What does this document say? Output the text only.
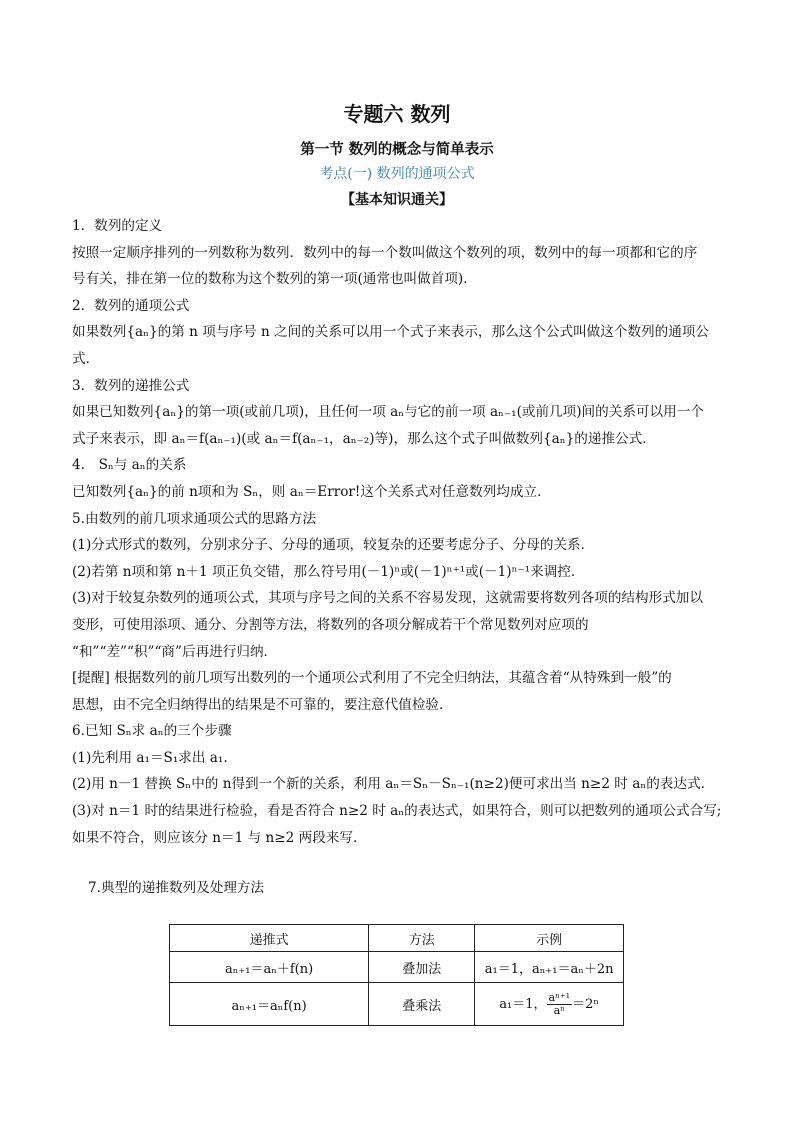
专题六 数列
第一节 数列的概念与简单表示
考点(一) 数列的通项公式
【基本知识通关】

1．数列的定义

按照一定顺序排列的一列数称为数列．数列中的每一个数叫做这个数列的项，数列中的每一项都和它的序

号有关，排在第一位的数称为这个数列的第一项(通常也叫做首项)．

2．数列的通项公式

如果数列{aₙ}的第 n 项与序号 n 之间的关系可以用一个式子来表示，那么这个公式叫做这个数列的通项公

式．

3．数列的递推公式

如果已知数列{aₙ}的第一项(或前几项)，且任何一项 aₙ与它的前一项 aₙ₋₁(或前几项)间的关系可以用一个

式子来表示，即 aₙ＝f(aₙ₋₁)(或 aₙ＝f(aₙ₋₁，aₙ₋₂)等)，那么这个式子叫做数列{aₙ}的递推公式．

4． Sₙ与 aₙ的关系

已知数列{aₙ}的前 n项和为 Sₙ，则 aₙ＝Error!这个关系式对任意数列均成立．

5.由数列的前几项求通项公式的思路方法

(1)分式形式的数列，分别求分子、分母的通项，较复杂的还要考虑分子、分母的关系．

(2)若第 n项和第 n＋1 项正负交错，那么符号用(－1)ⁿ或(－1)ⁿ⁺¹或(－1)ⁿ⁻¹来调控．

(3)对于较复杂数列的通项公式，其项与序号之间的关系不容易发现，这就需要将数列各项的结构形式加以

变形，可使用添项、通分、分割等方法，将数列的各项分解成若干个常见数列对应项的

“和”“差”“积”“商”后再进行归纳．

[提醒] 根据数列的前几项写出数列的一个通项公式利用了不完全归纳法，其蕴含着“从特殊到一般”的

思想，由不完全归纳得出的结果是不可靠的，要注意代值检验．

6.已知 Sₙ求 aₙ的三个步骤

(1)先利用 a₁＝S₁求出 a₁.

(2)用 n－1 替换 Sₙ中的 n得到一个新的关系，利用 aₙ＝Sₙ－Sₙ₋₁(n≥2)便可求出当 n≥2 时 aₙ的表达式.

(3)对 n＝1 时的结果进行检验，看是否符合 n≥2 时 aₙ的表达式，如果符合，则可以把数列的通项公式合写;

如果不符合，则应该分 n＝1 与 n≥2 两段来写.

7.典型的递推数列及处理方法

递推式	方法	示例
aₙ₊₁＝aₙ＋f(n)	叠加法	a₁＝1，aₙ₊₁＝aₙ＋2n
aₙ₊₁＝aₙf(n)	叠乘法	a₁＝1， $\frac{\text{aⁿ⁺¹}}{\text{aⁿ}} =2^n$
